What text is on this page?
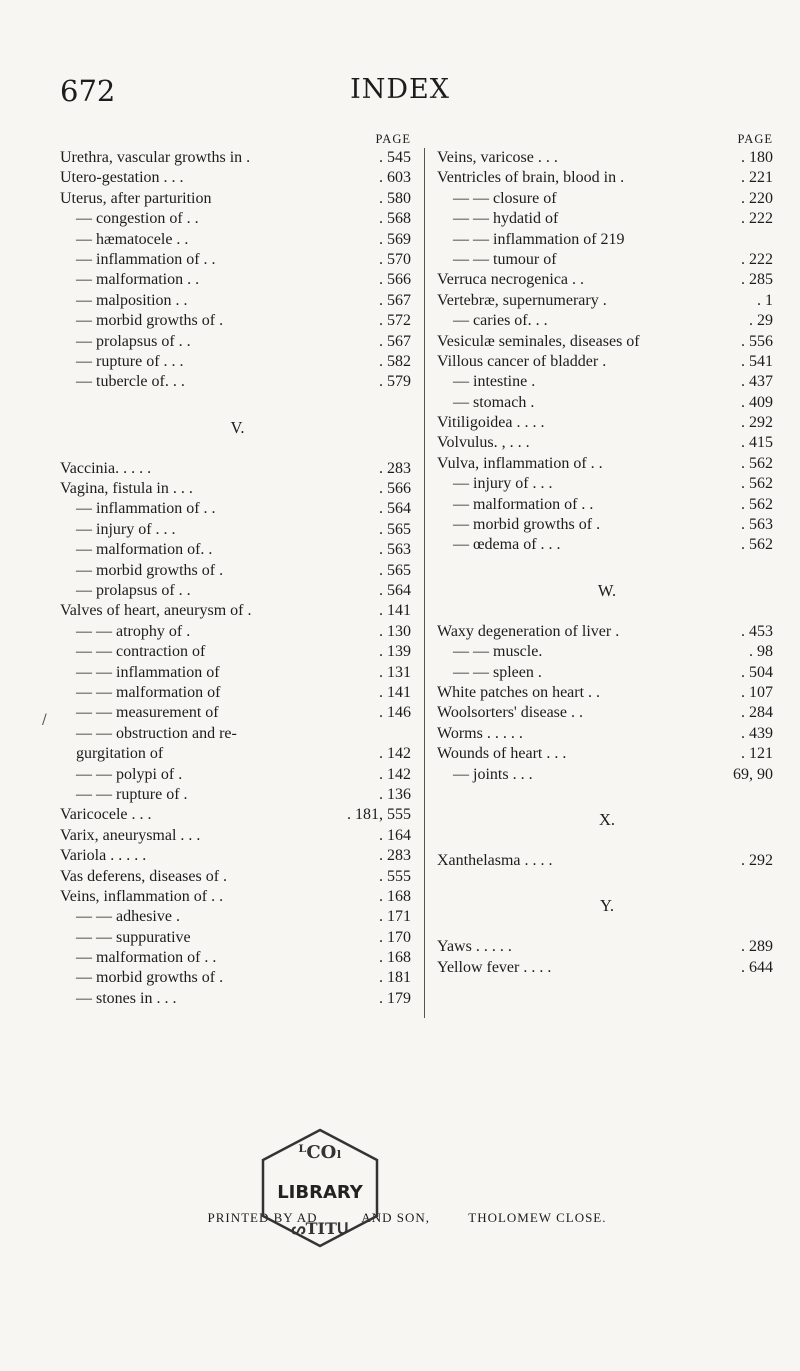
672	INDEX
/
PAGE
Urethra, vascular growths in .	. 545
Utero-gestation . . .	. 603
Uterus, after parturition	. 580
— congestion of . .	. 568
— hæmatocele . .	. 569
— inflammation of . .	. 570
— malformation . .	. 566
— malposition . .	. 567
— morbid growths of .	. 572
— prolapsus of . .	. 567
— rupture of . . .	. 582
— tubercle of. . .	. 579
V.
Vaccinia. . . . .	. 283
Vagina, fistula in . . .	. 566
— inflammation of . .	. 564
— injury of . . .	. 565
— malformation of. .	. 563
— morbid growths of .	. 565
— prolapsus of . .	. 564
Valves of heart, aneurysm of .	. 141
— — atrophy of .	. 130
— — contraction of	. 139
— — inflammation of	. 131
— — malformation of	. 141
— — measurement of	. 146
— — obstruction and re-
gurgitation of	. 142
— — polypi of .	. 142
— — rupture of .	. 136
Varicocele . . .	. 181, 555
Varix, aneurysmal . . .	. 164
Variola . . . . .	. 283
Vas deferens, diseases of .	. 555
Veins, inflammation of . .	. 168
— — adhesive .	. 171
— — suppurative	. 170
— malformation of . .	. 168
— morbid growths of .	. 181
— stones in . . .	. 179
PAGE
Veins, varicose . . .	. 180
Ventricles of brain, blood in .	. 221
— — closure of	. 220
— — hydatid of	. 222
— — inflammation of 219
— — tumour of	. 222
Verruca necrogenica . .	. 285
Vertebræ, supernumerary .	. 1
— caries of. . .	. 29
Vesiculæ seminales, diseases of	. 556
Villous cancer of bladder .	. 541
— intestine .	. 437
— stomach .	. 409
Vitiligoidea . . . .	. 292
Volvulus. , . . .	. 415
Vulva, inflammation of . .	. 562
— injury of . . .	. 562
— malformation of . .	. 562
— morbid growths of .	. 563
— œdema of . . .	. 562
W.
Waxy degeneration of liver .	. 453
— — muscle.	. 98
— — spleen .	. 504
White patches on heart . .	. 107
Woolsorters' disease . .	. 284
Worms . . . . .	. 439
Wounds of heart . . .	. 121
— joints . . .	69, 90
X.
Xanthelasma . . . .	. 292
Y.
Yaws . . . . .	. 289
Yellow fever . . . .	. 644
PRINTED BY AD	AND SON,	THOLOMEW CLOSE.
ᴸCOₗ
LIBRARY
ᔕTITᑌ
